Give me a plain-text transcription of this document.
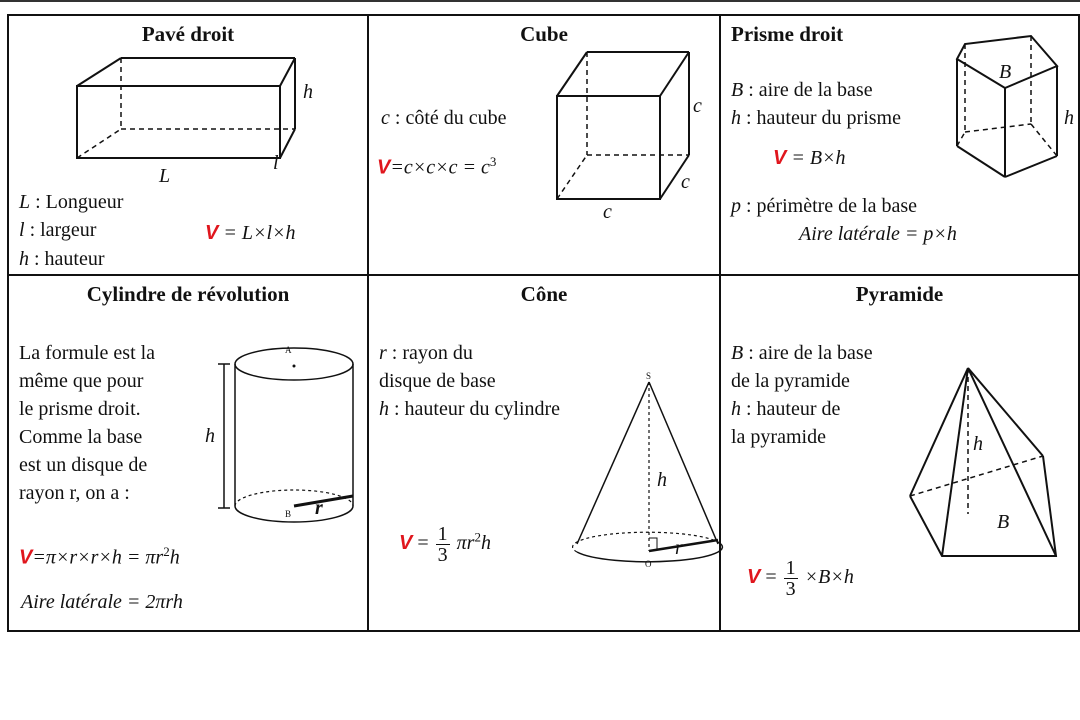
Pavé droit
h
L
l
L : Longueur
l : largeur
h : hauteur
V = L×l×h
Cube
c
c
c
c : côté du cube
$V=c\times c\times c = c^3$
Prisme droit
B
h
B : aire de la base
h : hauteur du prisme
V = B×h
p : périmètre de la base
Aire latérale = p×h
Cylindre de révolution
A
B
h
r
La formule est la
même que pour
le prisme droit.
Comme la base
est un disque de
rayon r, on a :
$V=\pi\times r\times r\times h = \pi r^2h$
Aire latérale = 2πrh
Cône
S
O
h
r
r : rayon du
disque de base
h : hauteur du cylindre
$V = \frac{1}{3} \pi r^2h$
Pyramide
h
B
B : aire de la base
de la pyramide
h : hauteur de
la pyramide
$V = \frac{1}{3} \times B\times h$
